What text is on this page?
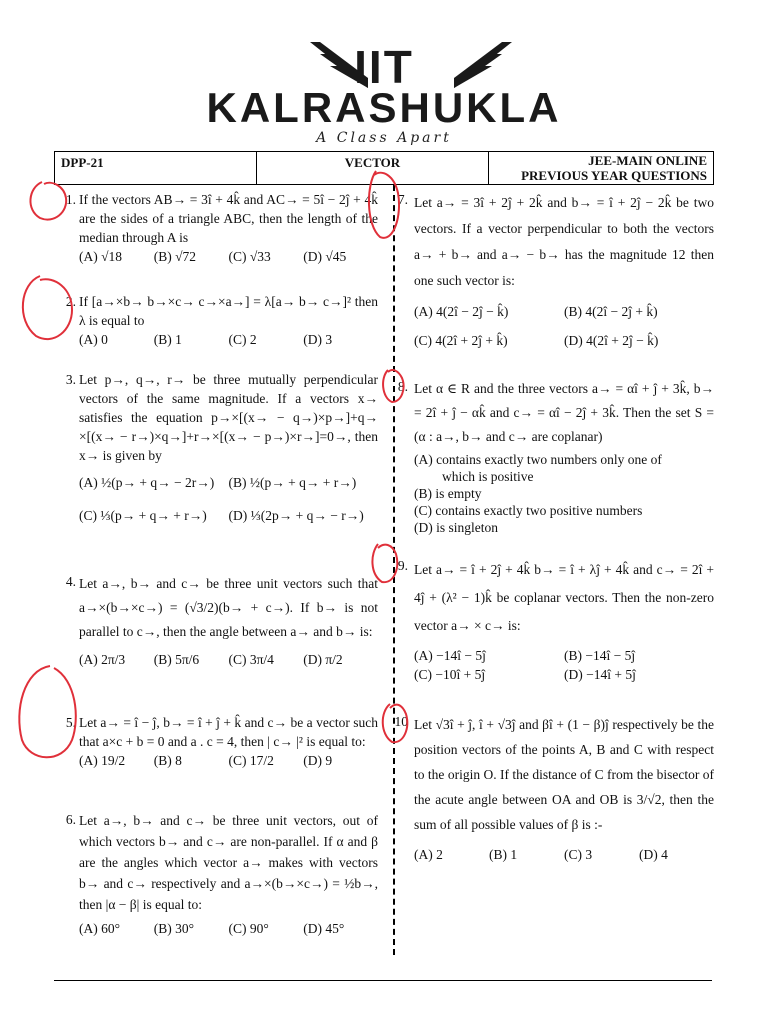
IIT
KALRASHUKLA
A Class Apart
DPP-21	VECTOR	JEE-MAIN ONLINE
PREVIOUS YEAR QUESTIONS
1. If the vectors AB→ = 3î + 4k̂ and AC→ = 5î − 2ĵ + 4k̂ are the sides of a triangle ABC, then the length of the median through A is
(A) √18	(B) √72	(C) √33	(D) √45
2. If [a→×b→ b→×c→ c→×a→] = λ[a→ b→ c→]² then λ is equal to
(A) 0	(B) 1	(C) 2	(D) 3
3. Let p→, q→, r→ be three mutually perpendicular vectors of the same magnitude. If a vectors x→ satisfies the equation p→×[(x→ − q→)×p→]+q→ ×[(x→ − r→)×q→]+r→×[(x→ − p→)×r→]=0→, then x→ is given by
(A) ½(p→ + q→ − 2r→)	(B) ½(p→ + q→ + r→)
(C) ⅓(p→ + q→ + r→)	(D) ⅓(2p→ + q→ − r→)
4. Let a→, b→ and c→ be three unit vectors such that a→×(b→×c→) = (√3/2)(b→ + c→). If b→ is not parallel to c→, then the angle between a→ and b→ is:
(A) 2π/3	(B) 5π/6	(C) 3π/4	(D) π/2
5. Let a→ = î − ĵ, b→ = î + ĵ + k̂ and c→ be a vector such that a×c + b = 0 and a . c = 4, then | c→ |² is equal to:
(A) 19/2	(B) 8	(C) 17/2	(D) 9
6. Let a→, b→ and c→ be three unit vectors, out of which vectors b→ and c→ are non-parallel. If α and β are the angles which vector a→ makes with vectors b→ and c→ respectively and a→×(b→×c→) = ½b→, then |α − β| is equal to:
(A) 60°	(B) 30°	(C) 90°	(D) 45°
7. Let a→ = 3î + 2ĵ + 2k̂ and b→ = î + 2ĵ − 2k̂ be two vectors. If a vector perpendicular to both the vectors a→ + b→ and a→ − b→ has the magnitude 12 then one such vector is:
(A) 4(2î − 2ĵ − k̂)	(B) 4(2î − 2ĵ + k̂)
(C) 4(2î + 2ĵ + k̂)	(D) 4(2î + 2ĵ − k̂)
8. Let α ∈ R and the three vectors a→ = αî + ĵ + 3k̂, b→ = 2î + ĵ − αk̂ and c→ = αî − 2ĵ + 3k̂. Then the set S = (α : a→, b→ and c→ are coplanar)
(A) contains exactly two numbers only one of
which is positive
(B) is empty
(C) contains exactly two positive numbers
(D) is singleton
9. Let a→ = î + 2ĵ + 4k̂ b→ = î + λĵ + 4k̂ and c→ = 2î + 4ĵ + (λ² − 1)k̂ be coplanar vectors. Then the non-zero vector a→ × c→ is:
(A) −14î − 5ĵ	(B) −14î − 5ĵ
(C) −10î + 5ĵ	(D) −14î + 5ĵ
10 Let √3î + ĵ, î + √3ĵ and βî + (1 − β)ĵ respectively be the position vectors of the points A, B and C with respect to the origin O. If the distance of C from the bisector of the acute angle between OA and OB is 3/√2, then the sum of all possible values of β is :-
(A) 2	(B) 1	(C) 3	(D) 4
